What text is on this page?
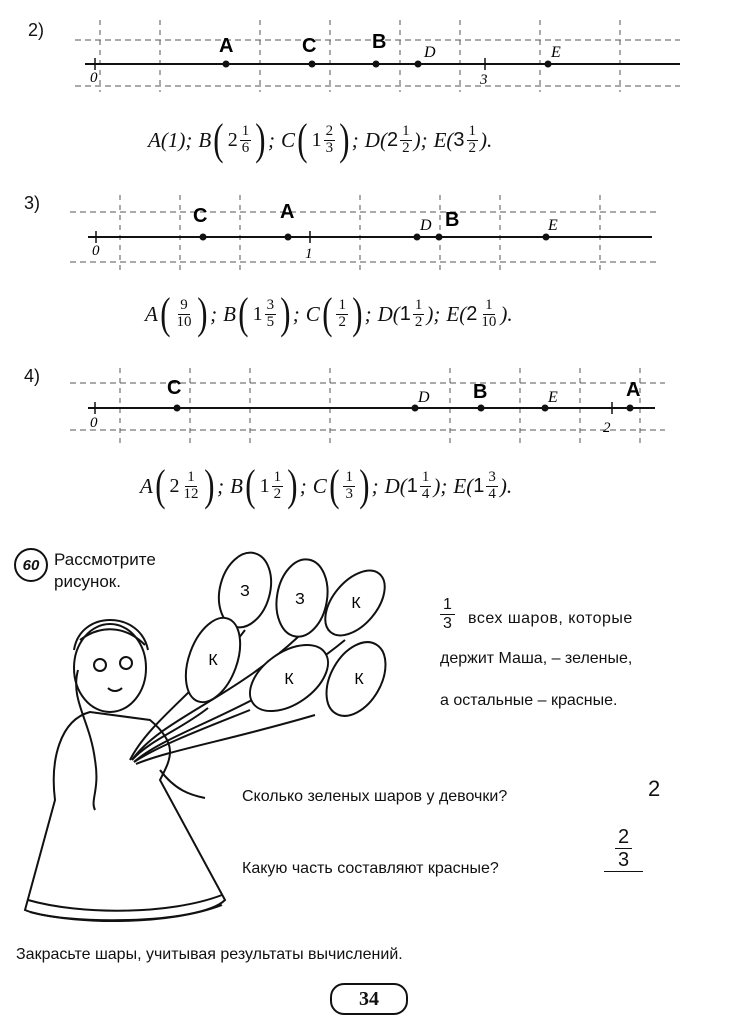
2)
0	3
A	C	B D	E
A(1); B ( $2 \frac{1}{6}$ ) ; C ( $1 \frac{2}{3}$ ) ; D( $2 \frac{1}{2}$ ); E( $3 \frac{1}{2}$ ).
3)
0	1
C	A
D B	E
A ( $\frac{9}{10}$ ) ; B ( $1 \frac{3}{5}$ ) ; C ( $\frac{1}{2}$ ) ; D( $1 \frac{1}{2}$ ); E( $2 \frac{1}{10}$ ).
4)
0	2
C	D B	E	A
A ( $2 \frac{1}{12}$ ) ; B ( $1 \frac{1}{2}$ ) ; C ( $\frac{1}{3}$ ) ; D( $1 \frac{1}{4}$ ); E( $1 \frac{3}{4}$ ).
60 Рассмотрите
рисунок.
З	З	К
К
К	К
$\frac{1}{3}$ всех шаров, которые
держит Маша, – зеленые,
а остальные – красные.
Сколько зеленых шаров у девочки?	2
Какую часть составляют красные?	$\frac{2}{3}$
Закрасьте шары, учитывая результаты вычислений.
34
